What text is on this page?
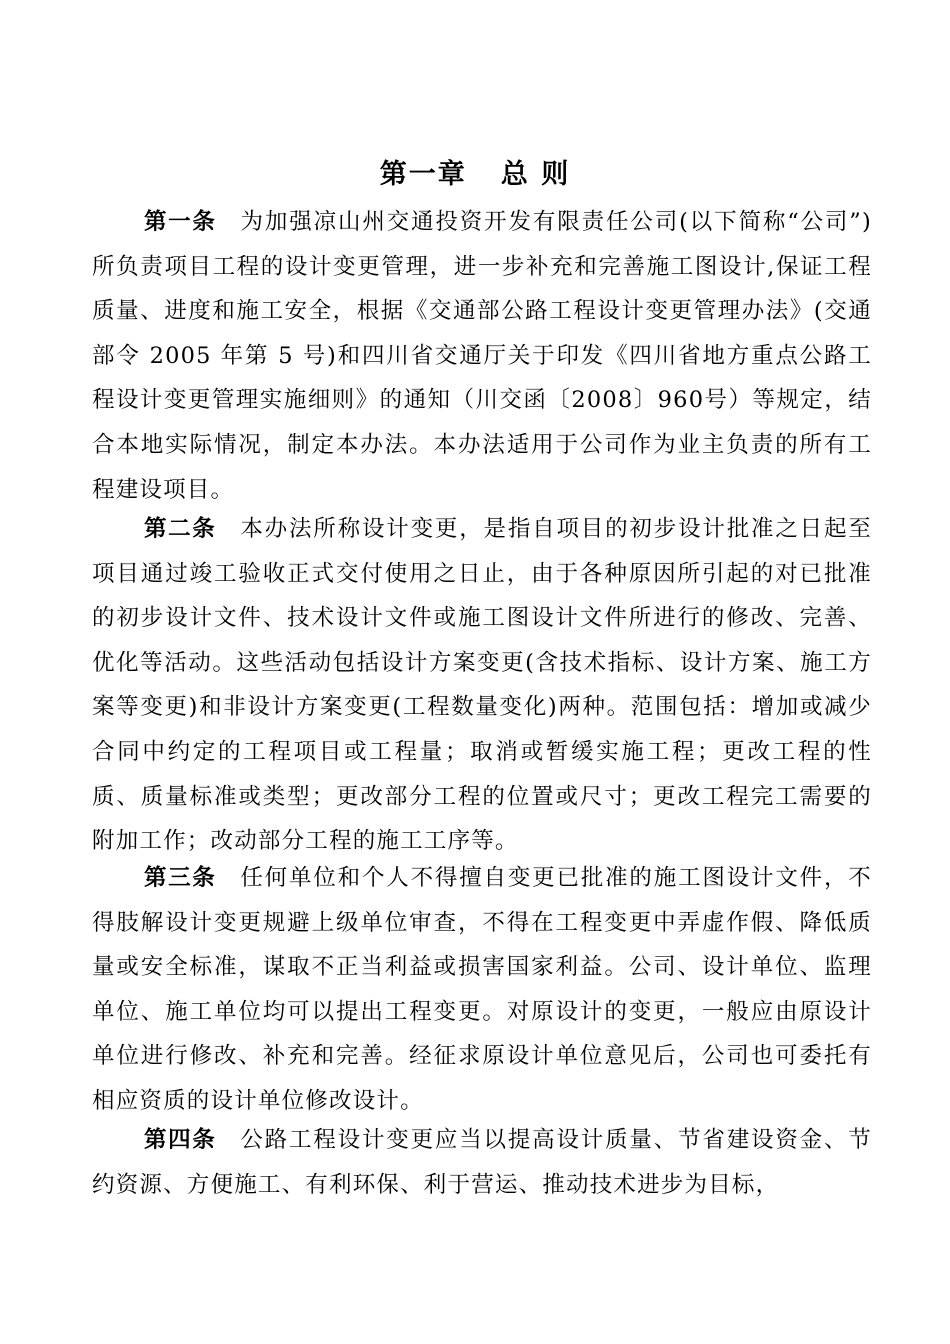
第一章 总 则

第一条 为加强凉山州交通投资开发有限责任公司(以下简称“公司”)所负责项目工程的设计变更管理，进一步补充和完善施工图设计,保证工程质量、进度和施工安全，根据《交通部公路工程设计变更管理办法》(交通部令 2005 年第 5 号)和四川省交通厅关于印发《四川省地方重点公路工程设计变更管理实施细则》的通知（川交函〔2008〕960号）等规定，结合本地实际情况，制定本办法。本办法适用于公司作为业主负责的所有工程建设项目。

第二条 本办法所称设计变更，是指自项目的初步设计批准之日起至项目通过竣工验收正式交付使用之日止，由于各种原因所引起的对已批准的初步设计文件、技术设计文件或施工图设计文件所进行的修改、完善、优化等活动。这些活动包括设计方案变更(含技术指标、设计方案、施工方案等变更)和非设计方案变更(工程数量变化)两种。范围包括：增加或减少合同中约定的工程项目或工程量；取消或暂缓实施工程；更改工程的性质、质量标准或类型；更改部分工程的位置或尺寸；更改工程完工需要的附加工作；改动部分工程的施工工序等。

第三条 任何单位和个人不得擅自变更已批准的施工图设计文件，不得肢解设计变更规避上级单位审查，不得在工程变更中弄虚作假、降低质量或安全标准，谋取不正当利益或损害国家利益。公司、设计单位、监理单位、施工单位均可以提出工程变更。对原设计的变更，一般应由原设计单位进行修改、补充和完善。经征求原设计单位意见后，公司也可委托有相应资质的设计单位修改设计。

第四条 公路工程设计变更应当以提高设计质量、节省建设资金、节约资源、方便施工、有利环保、利于营运、推动技术进步为目标，
